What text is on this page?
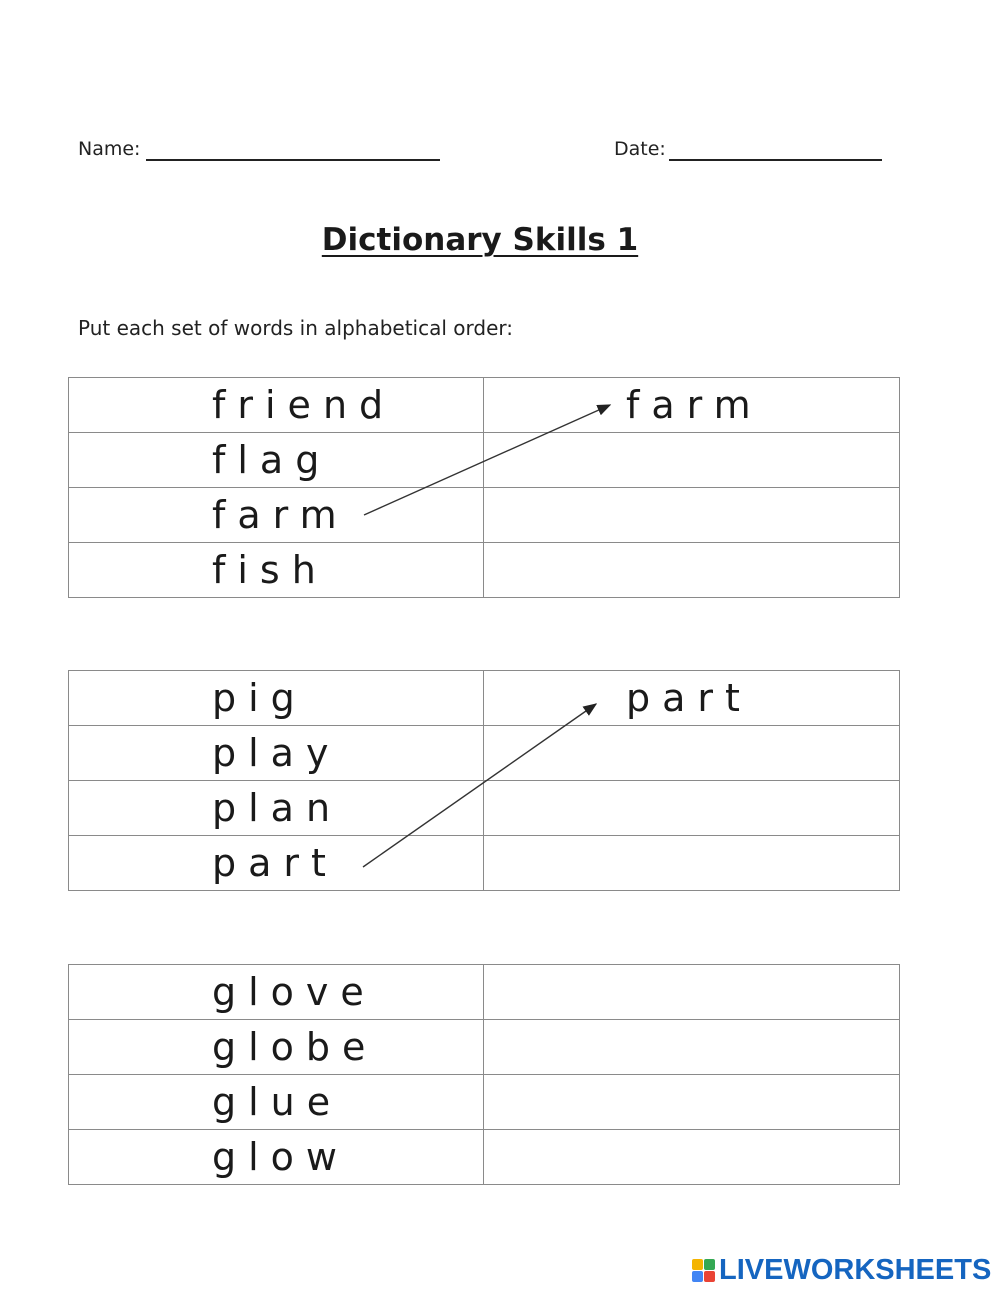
Name:	Date:
Dictionary Skills 1
Put each set of words in alphabetical order:
friend	farm
flag	
farm	
fish	
pig	part
play	
plan	
part	
glove	
globe	
glue	
glow	
LIVEWORKSHEETS
